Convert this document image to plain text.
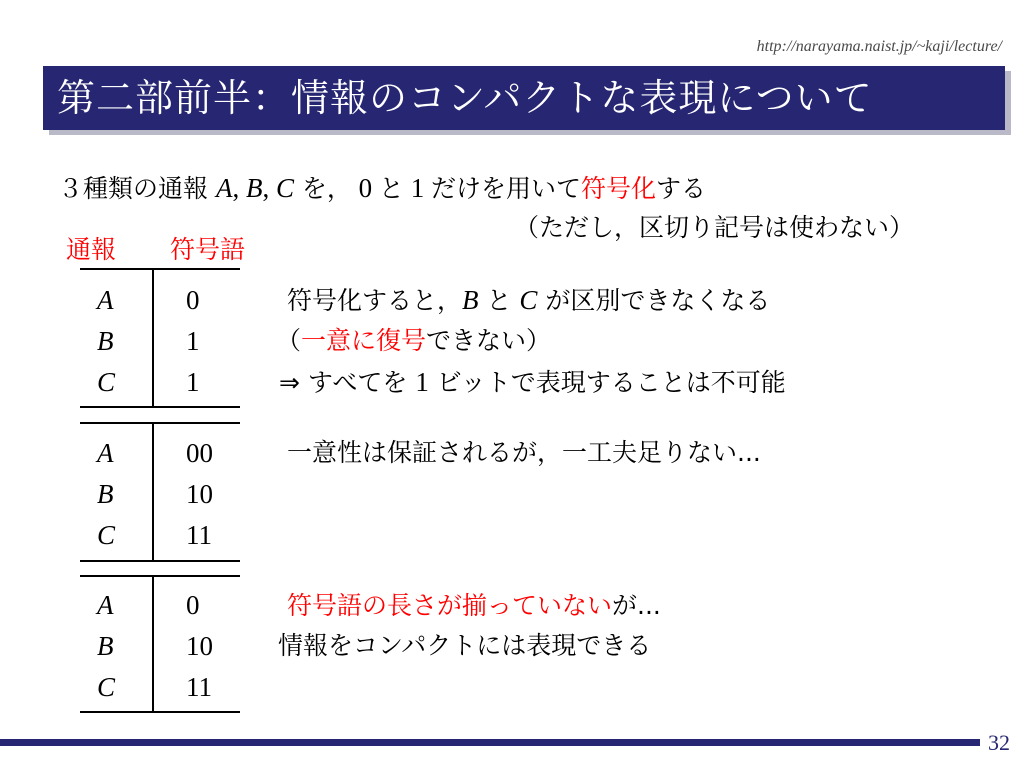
http://narayama.naist.jp/~kaji/lecture/
第二部前半：情報のコンパクトな表現について
３種類の通報 A, B, C を， 0 と 1 だけを用いて符号化する
（ただし，区切り記号は使わない）
通報 符号語
A	0
B	1
C	1
A	00
B	10
C	11
A	0
B	10
C	11
符号化すると，B と C が区別できなくなる
（一意に復号できない）
⇒ すべてを 1 ビットで表現することは不可能
一意性は保証されるが，一工夫足りない...
符号語の長さが揃っていないが...
情報をコンパクトには表現できる
32
